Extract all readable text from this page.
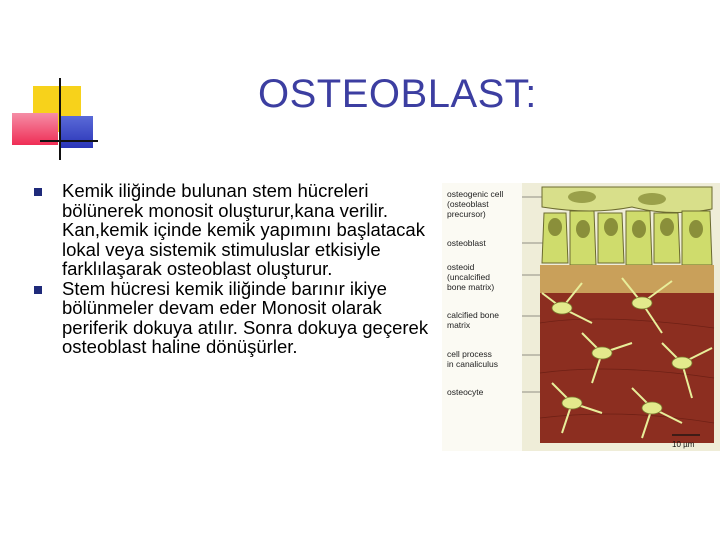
OSTEOBLAST:
Kemik iliğinde bulunan stem hücreleri bölünerek monosit oluşturur,kana verilir. Kan,kemik içinde kemik yapımını başlatacak lokal veya sistemik stimuluslar etkisiyle farklılaşarak osteoblast oluşturur.
Stem hücresi kemik iliğinde barınır ikiye bölünmeler devam eder Monosit olarak periferik dokuya atılır. Sonra dokuya geçerek osteoblast haline dönüşürler.
osteogenic cell
(osteoblast
precursor)
osteoblast
osteoid
(uncalcified
bone matrix)
calcified bone
matrix
cell process
in canaliculus
osteocyte
10 µm
